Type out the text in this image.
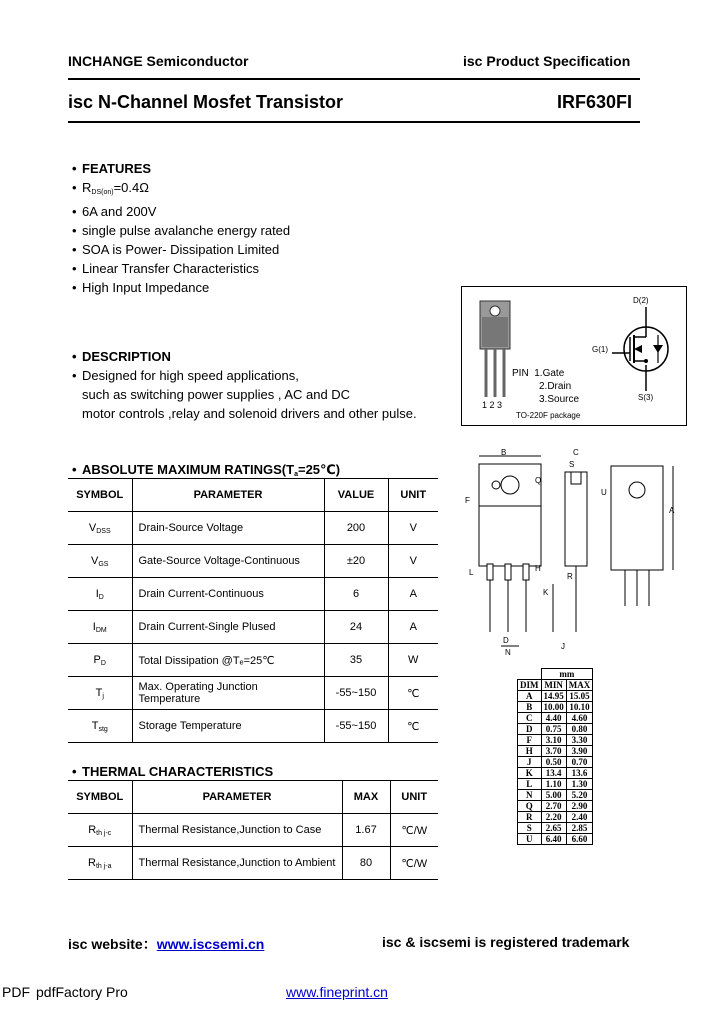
INCHANGE Semiconductor	isc Product Specification
isc N-Channel Mosfet Transistor	IRF630FI
• FEATURES
• $R_{DS(on)}=0.4\Omega$
• 6A and 200V
• single pulse avalanche energy rated
• SOA is Power- Dissipation Limited
• Linear Transfer Characteristics
• High Input Impedance
• DESCRIPTION
• Designed for high speed applications,
such as switching power supplies , AC and DC
motor controls ,relay and solenoid drivers and other pulse.
D(2)
G(1)
S(3)
PIN 1.Gate
2.Drain
3.Source
1 2 3
TO-220F package
B	C
S
Q
F
U
A
H
L	R
K
D
N
J
	mm	
DIM	MIN	MAX
A	14.95	15.05
B	10.00	10.10
C	4.40	4.60
D	0.75	0.80
F	3.10	3.30
H	3.70	3.90
J	0.50	0.70
K	13.4	13.6
L	1.10	1.30
N	5.00	5.20
Q	2.70	2.90
R	2.20	2.40
S	2.65	2.85
U	6.40	6.60
• ABSOLUTE MAXIMUM $RATINGS(T_a=25℃)$
SYMBOL	PARAMETER	VALUE	UNIT
$V_{DSS}$	Drain-Source Voltage	200	V
$V_{GS}$	Gate-Source Voltage-Continuous	±20	V
$I_D$	Drain Current-Continuous	6	A
$I_{DM}$	Drain Current-Single Plused	24	A
$P_D$	Total Dissipation @Tₑ=25℃	35	W
$T_j$	Max. Operating Junction Temperature	-55~150	℃
$T_{stg}$	Storage Temperature	-55~150	℃
• THERMAL CHARACTERISTICS
SYMBOL	PARAMETER	MAX	UNIT
$R_{th j-c}$	Thermal Resistance,Junction to Case	1.67	℃/W
$R_{th j-a}$	Thermal Resistance,Junction to Ambient	80	℃/W
isc website：www.iscsemi.cn	isc & iscsemi is registered trademark
PDF pdfFactory Pro	www.fineprint.cn
